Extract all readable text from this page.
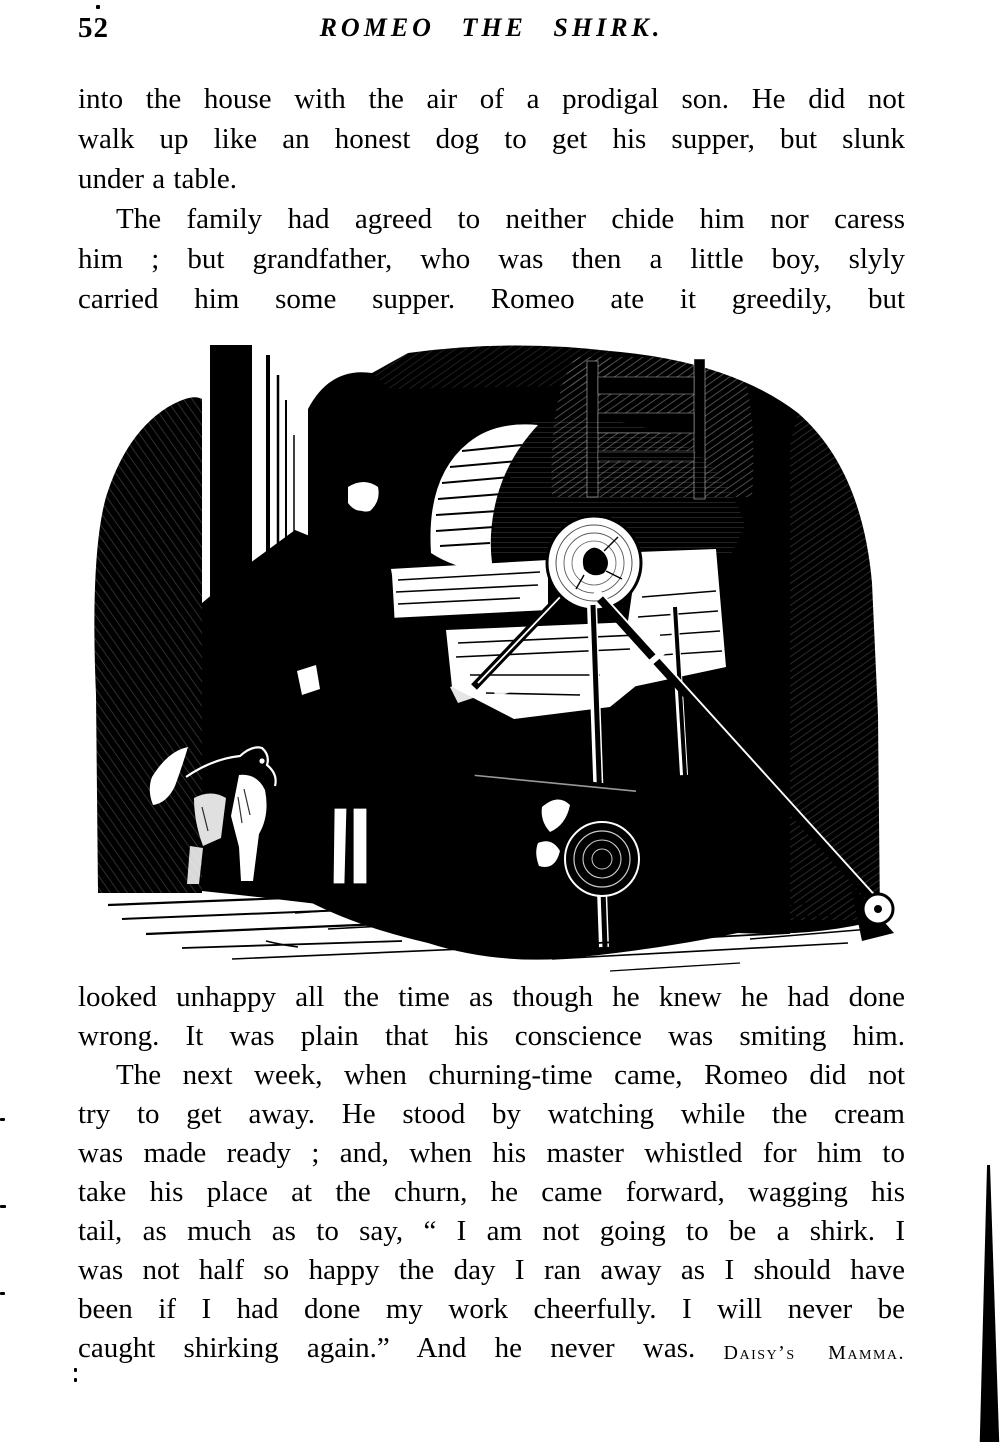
52	ROMEO THE SHIRK.
into the house with the air of a prodigal son. He did not
walk up like an honest dog to get his supper, but slunk
under a table.
The family had agreed to neither chide him nor caress
him ; but grandfather, who was then a little boy, slyly
carried him some supper. Romeo ate it greedily, but
looked unhappy all the time as though he knew he had done
wrong. It was plain that his conscience was smiting him.
The next week, when churning-time came, Romeo did not
try to get away. He stood by watching while the cream
was made ready ; and, when his master whistled for him to
take his place at the churn, he came forward, wagging his
tail, as much as to say, “ I am not going to be a shirk. I
was not half so happy the day I ran away as I should have
been if I had done my work cheerfully. I will never be
caught shirking again.” And he never was. Daisy’s Mamma.
